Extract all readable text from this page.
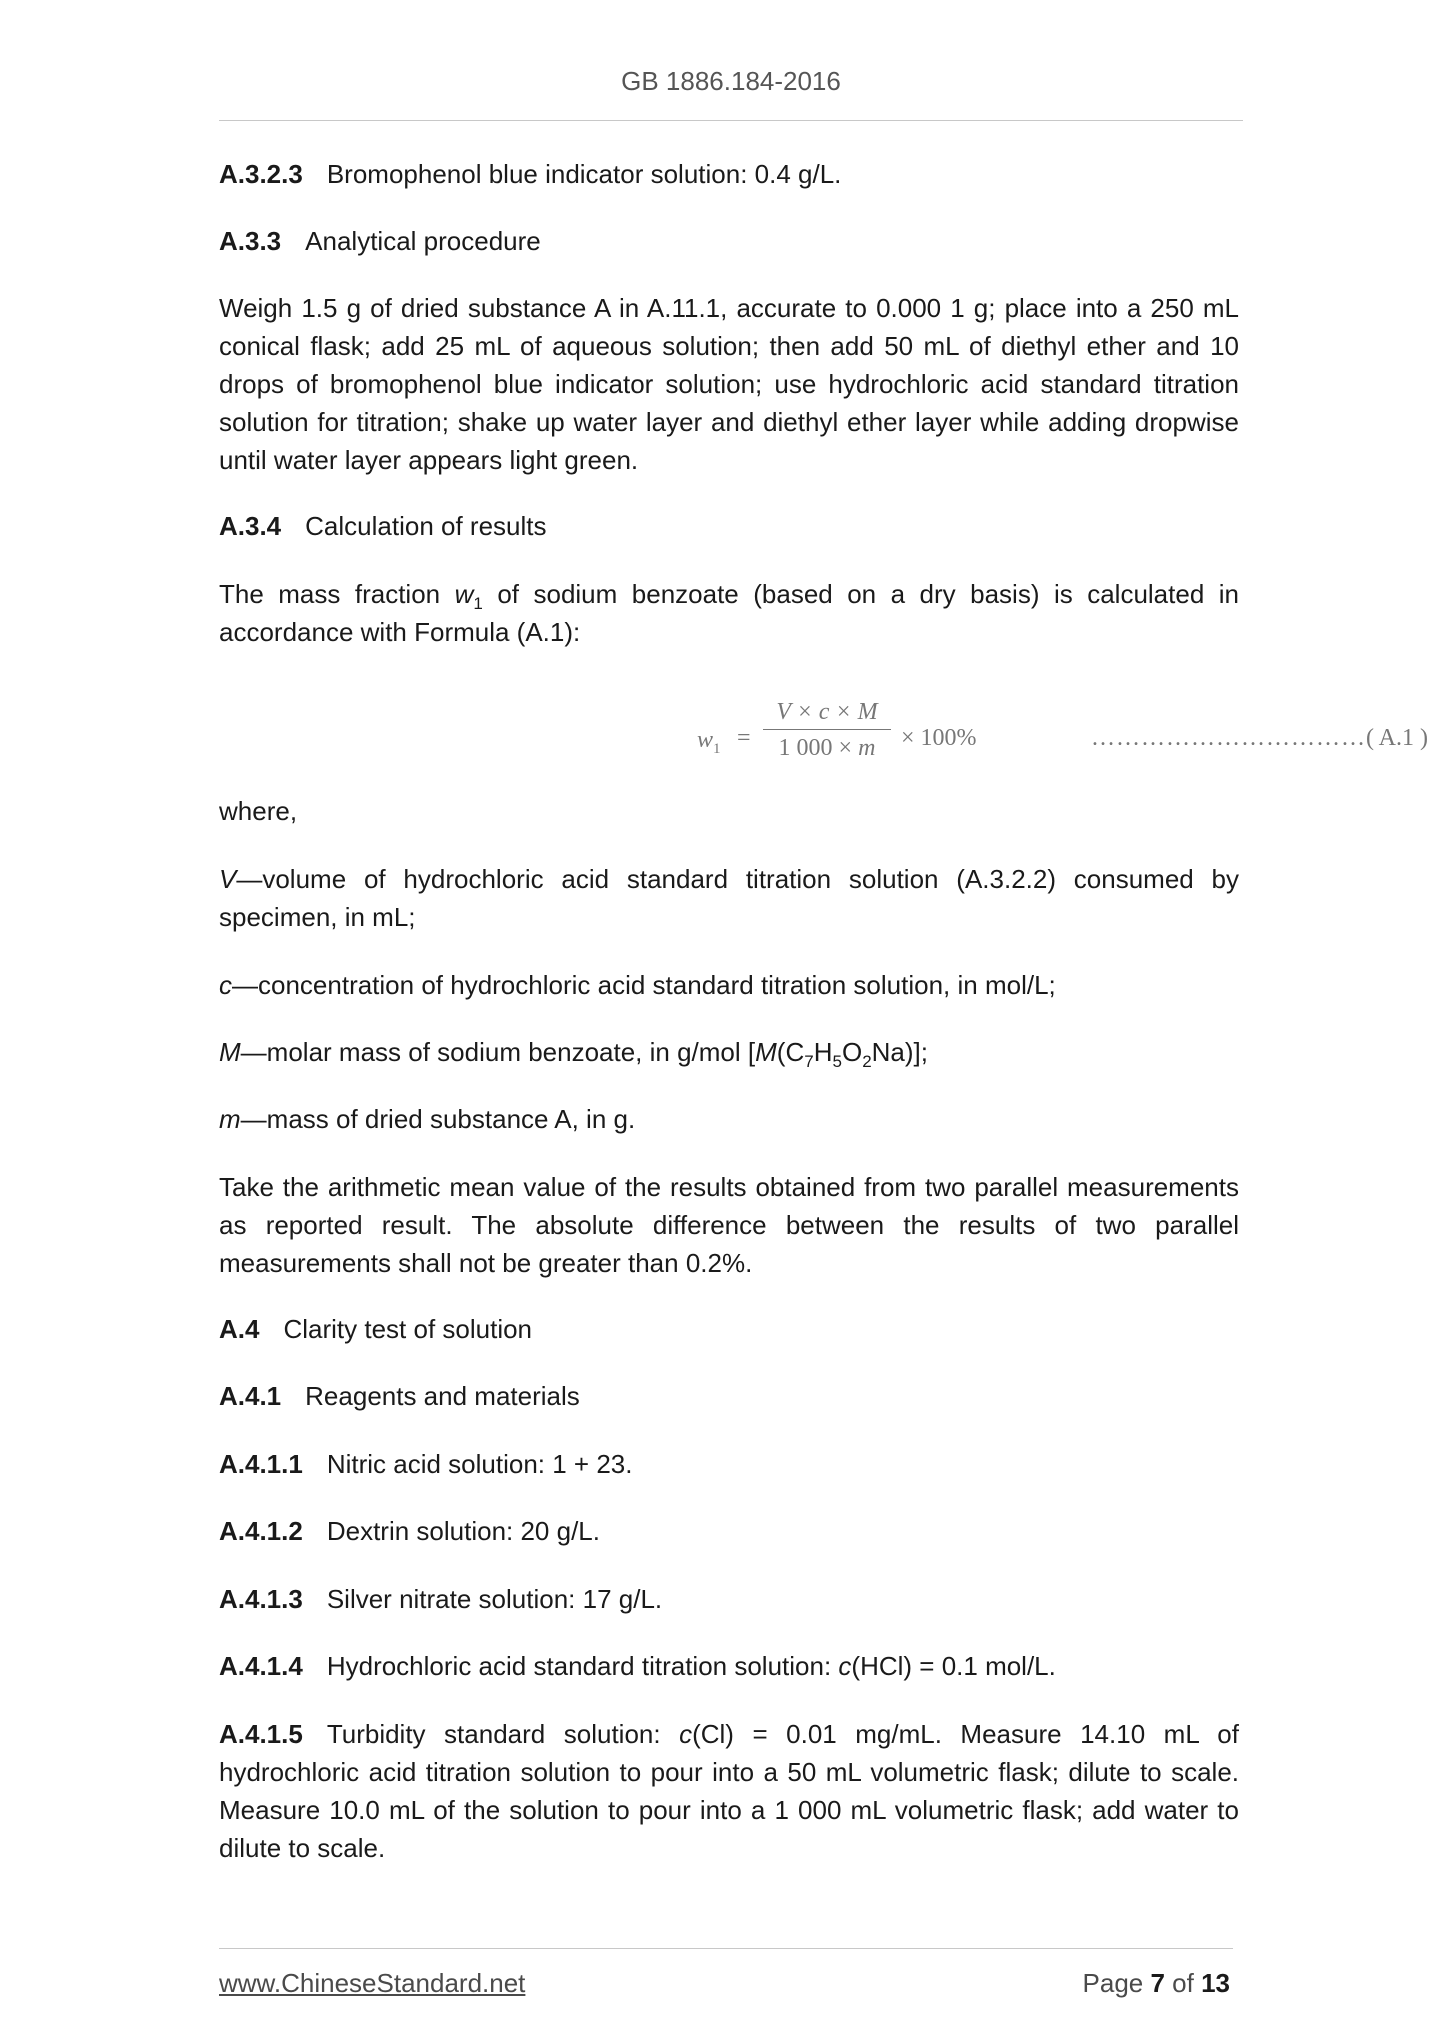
GB 1886.184-2016
A.3.2.3 Bromophenol blue indicator solution: 0.4 g/L.
A.3.3 Analytical procedure
Weigh 1.5 g of dried substance A in A.11.1, accurate to 0.000 1 g; place into a 250 mL conical flask; add 25 mL of aqueous solution; then add 50 mL of diethyl ether and 10 drops of bromophenol blue indicator solution; use hydrochloric acid standard titration solution for titration; shake up water layer and diethyl ether layer while adding dropwise until water layer appears light green.
A.3.4 Calculation of results
The mass fraction $w_1$ of sodium benzoate (based on a dry basis) is calculated in accordance with Formula (A.1):
$w_1$ =
V × c × M
1 000 × m	× 100%	……………………………( A.1 )
where,
V—volume of hydrochloric acid standard titration solution (A.3.2.2) consumed by specimen, in mL;
c—concentration of hydrochloric acid standard titration solution, in mol/L;
M—molar mass of sodium benzoate, in g/mol $[M(C_7H_5O_2Na)]$;
m—mass of dried substance A, in g.
Take the arithmetic mean value of the results obtained from two parallel measurements as reported result. The absolute difference between the results of two parallel measurements shall not be greater than 0.2%.
A.4 Clarity test of solution
A.4.1 Reagents and materials
A.4.1.1 Nitric acid solution: 1 + 23.
A.4.1.2 Dextrin solution: 20 g/L.
A.4.1.3 Silver nitrate solution: 17 g/L.
A.4.1.4 Hydrochloric acid standard titration solution: c(HCl) = 0.1 mol/L.
A.4.1.5 Turbidity standard solution: c(Cl) = 0.01 mg/mL. Measure 14.10 mL of hydrochloric acid titration solution to pour into a 50 mL volumetric flask; dilute to scale. Measure 10.0 mL of the solution to pour into a 1 000 mL volumetric flask; add water to dilute to scale.
www.ChineseStandard.net	Page 7 of 13
